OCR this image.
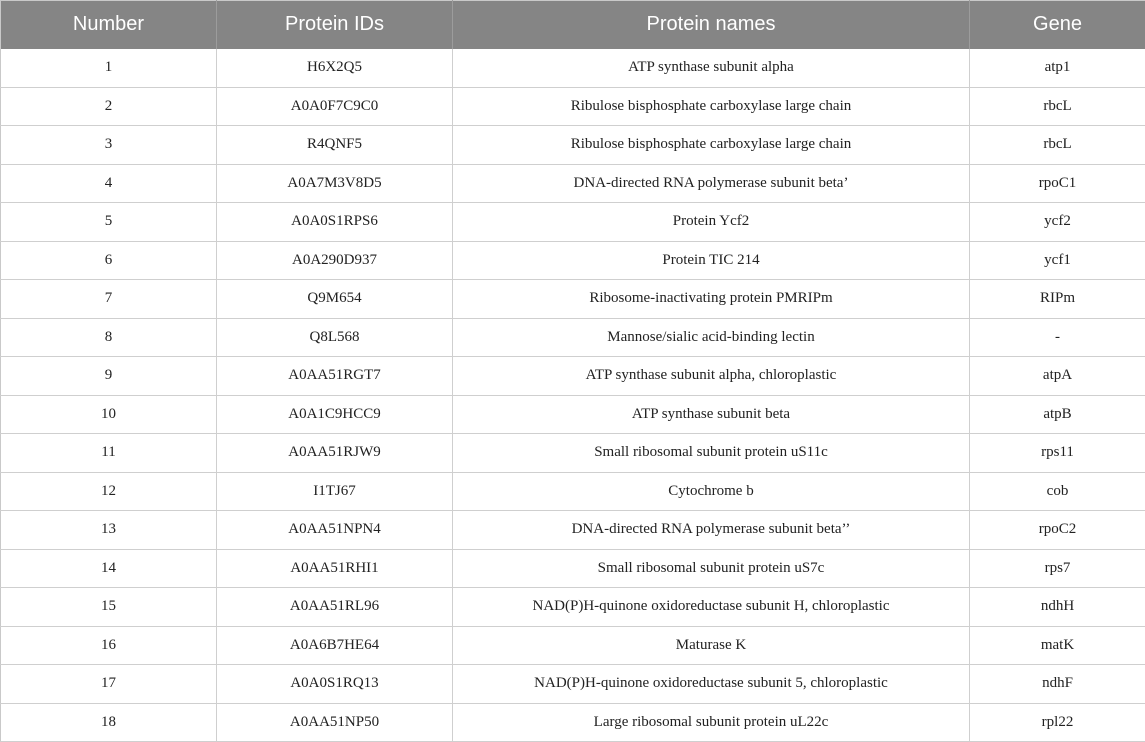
Number	Protein IDs	Protein names	Gene
1	H6X2Q5	ATP synthase subunit alpha	atp1
2	A0A0F7C9C0	Ribulose bisphosphate carboxylase large chain	rbcL
3	R4QNF5	Ribulose bisphosphate carboxylase large chain	rbcL
4	A0A7M3V8D5	DNA-directed RNA polymerase subunit beta’	rpoC1
5	A0A0S1RPS6	Protein Ycf2	ycf2
6	A0A290D937	Protein TIC 214	ycf1
7	Q9M654	Ribosome-inactivating protein PMRIPm	RIPm
8	Q8L568	Mannose/sialic acid-binding lectin	-
9	A0AA51RGT7	ATP synthase subunit alpha, chloroplastic	atpA
10	A0A1C9HCC9	ATP synthase subunit beta	atpB
11	A0AA51RJW9	Small ribosomal subunit protein uS11c	rps11
12	I1TJ67	Cytochrome b	cob
13	A0AA51NPN4	DNA-directed RNA polymerase subunit beta’’	rpoC2
14	A0AA51RHI1	Small ribosomal subunit protein uS7c	rps7
15	A0AA51RL96	NAD(P)H-quinone oxidoreductase subunit H, chloroplastic	ndhH
16	A0A6B7HE64	Maturase K	matK
17	A0A0S1RQ13	NAD(P)H-quinone oxidoreductase subunit 5, chloroplastic	ndhF
18	A0AA51NP50	Large ribosomal subunit protein uL22c	rpl22
